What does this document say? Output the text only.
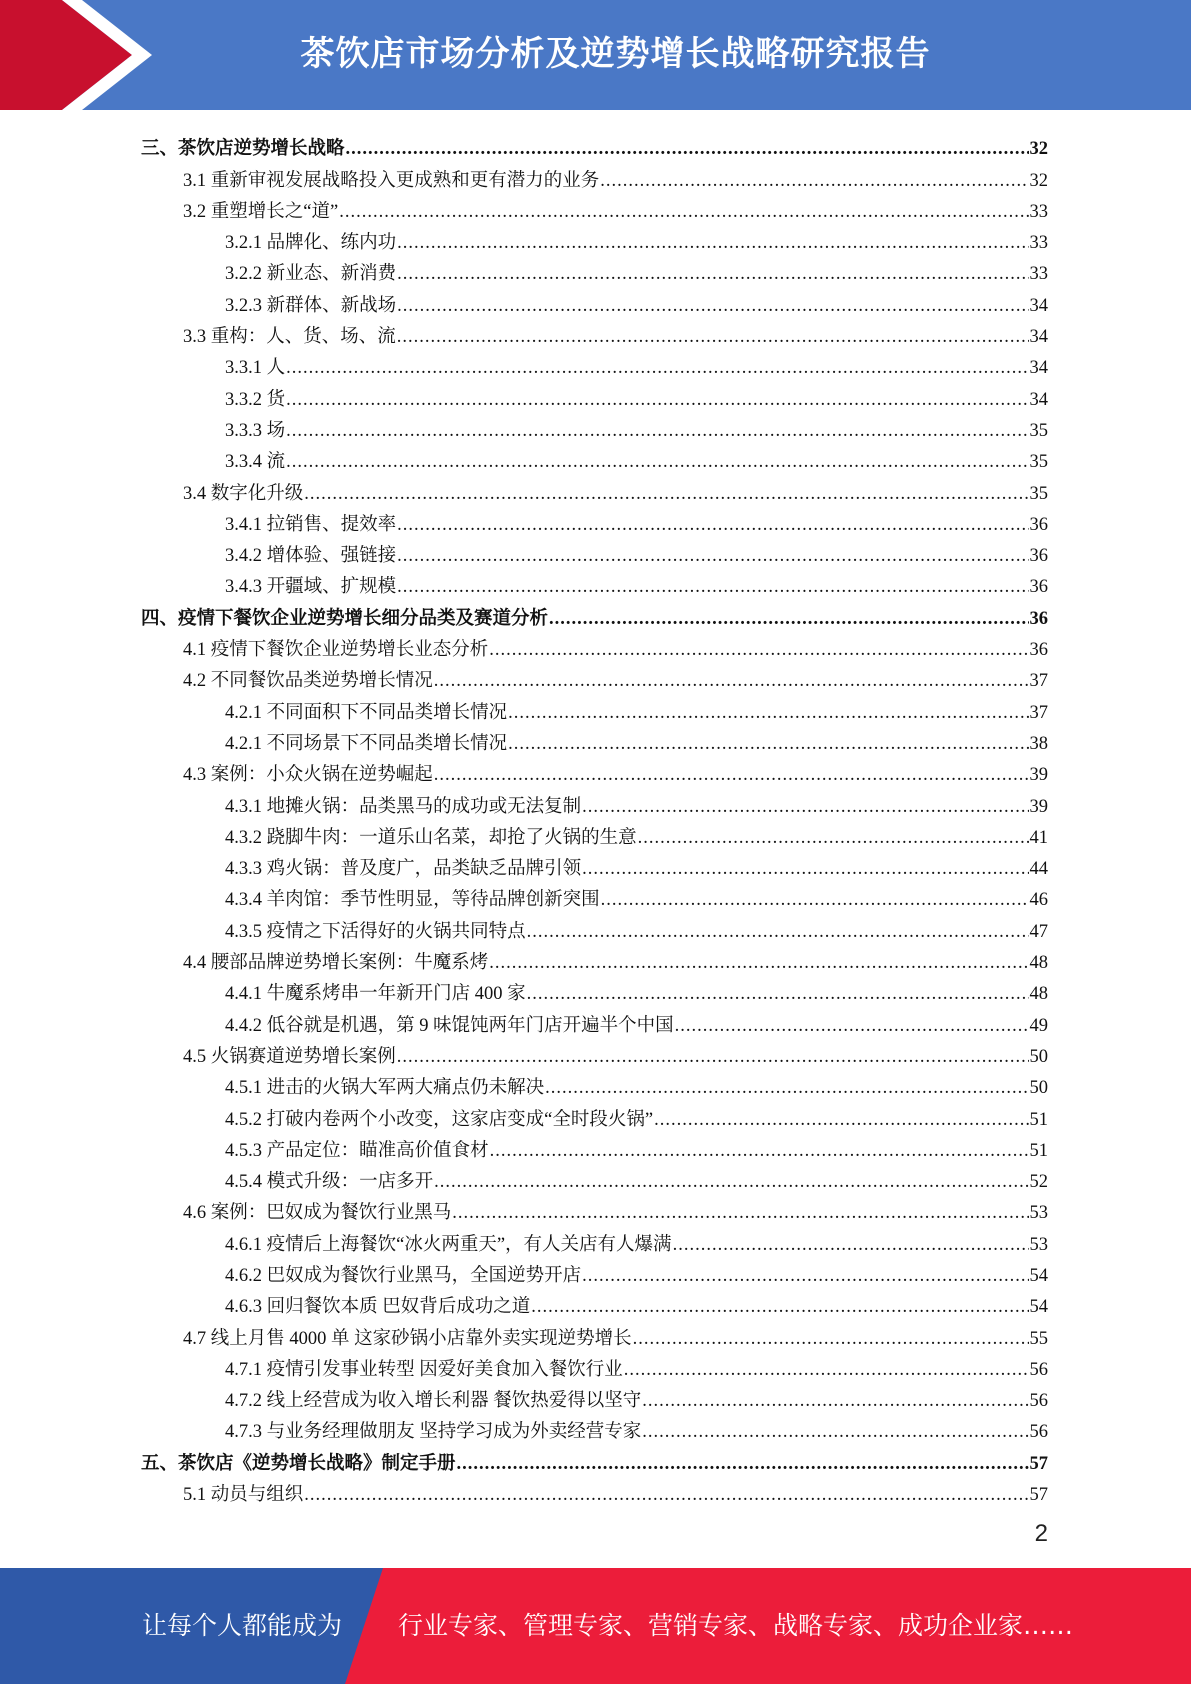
茶饮店市场分析及逆势增长战略研究报告
三、茶饮店逆势增长战略 .....	32
3.1 重新审视发展战略投入更成熟和更有潜力的业务 .....	32
3.2 重塑增长之“道” .....	33
3.2.1 品牌化、练内功 .....	33
3.2.2 新业态、新消费 .....	33
3.2.3 新群体、新战场 .....	34
3.3 重构：人、货、场、流 .....	34
3.3.1 人 .....	34
3.3.2 货 .....	34
3.3.3 场 .....	35
3.3.4 流 .....	35
3.4 数字化升级 .....	35
3.4.1 拉销售、提效率 .....	36
3.4.2 增体验、强链接 .....	36
3.4.3 开疆域、扩规模 .....	36
四、疫情下餐饮企业逆势增长细分品类及赛道分析 .....	36
4.1 疫情下餐饮企业逆势增长业态分析 .....	36
4.2 不同餐饮品类逆势增长情况 .....	37
4.2.1 不同面积下不同品类增长情况 .....	37
4.2.1 不同场景下不同品类增长情况 .....	38
4.3 案例：小众火锅在逆势崛起 .....	39
4.3.1 地摊火锅：品类黑马的成功或无法复制 .....	39
4.3.2 跷脚牛肉：一道乐山名菜，却抢了火锅的生意 .....	41
4.3.3 鸡火锅：普及度广，品类缺乏品牌引领 .....	44
4.3.4 羊肉馆：季节性明显，等待品牌创新突围 .....	46
4.3.5 疫情之下活得好的火锅共同特点 .....	47
4.4 腰部品牌逆势增长案例：牛魔系烤 .....	48
4.4.1 牛魔系烤串一年新开门店 400 家 .....	48
4.4.2 低谷就是机遇，第 9 味馄饨两年门店开遍半个中国 .....	49
4.5 火锅赛道逆势增长案例 .....	50
4.5.1 进击的火锅大军两大痛点仍未解决 .....	50
4.5.2 打破内卷两个小改变，这家店变成“全时段火锅” .....	51
4.5.3 产品定位：瞄准高价值食材 .....	51
4.5.4 模式升级：一店多开 .....	52
4.6 案例：巴奴成为餐饮行业黑马 .....	53
4.6.1 疫情后上海餐饮“冰火两重天”，有人关店有人爆满 .....	53
4.6.2 巴奴成为餐饮行业黑马，全国逆势开店 .....	54
4.6.3 回归餐饮本质 巴奴背后成功之道 .....	54
4.7 线上月售 4000 单 这家砂锅小店靠外卖实现逆势增长 .....	55
4.7.1 疫情引发事业转型 因爱好美食加入餐饮行业 .....	56
4.7.2 线上经营成为收入增长利器 餐饮热爱得以坚守 .....	56
4.7.3 与业务经理做朋友 坚持学习成为外卖经营专家 .....	56
五、茶饮店《逆势增长战略》制定手册 .....	57
5.1 动员与组织 .....	57
2
让每个人都能成为 行业专家、管理专家、营销专家、战略专家、成功企业家……
